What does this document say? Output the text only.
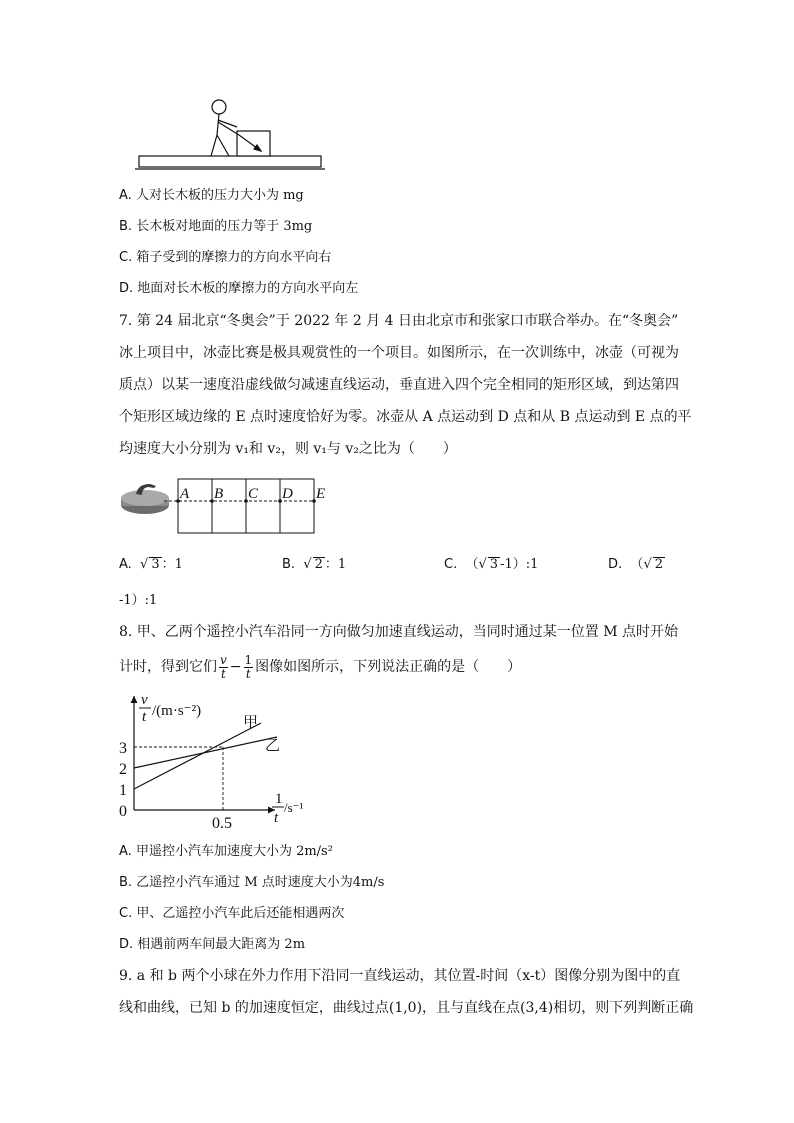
A. 人对长木板的压力大小为 mg
B. 长木板对地面的压力等于 3mg
C. 箱子受到的摩擦力的方向水平向右
D. 地面对长木板的摩擦力的方向水平向左
7. 第 24 届北京“冬奥会”于 2022 年 2 月 4 日由北京市和张家口市联合举办。在“冬奥会”
冰上项目中，冰壶比赛是极具观赏性的一个项目。如图所示，在一次训练中，冰壶（可视为
质点）以某一速度沿虚线做匀减速直线运动，垂直进入四个完全相同的矩形区域，到达第四
个矩形区域边缘的 E 点时速度恰好为零。冰壶从 A 点运动到 D 点和从 B 点运动到 E 点的平
均速度大小分别为 v₁和 v₂，则 v₁与 v₂之比为（　　）
A B C D E
A.  √ 3 ：1	B.  √ 2 ：1	C. （√ 3 -1）:1	D. （√ 2
-1）:1
8. 甲、乙两个遥控小汽车沿同一方向做匀加速直线运动，当同时通过某一位置 M 点时开始
计时，得到它们 $\frac{v}{t} - \frac{1}{t}$ 图像如图所示，下列说法正确的是（　　）
3
2
1
0
0.5
甲
乙
v
t /(m·s⁻²)
1
t
/s⁻¹
A. 甲遥控小汽车加速度大小为 2m/s²
B. 乙遥控小汽车通过 M 点时速度大小为4m/s
C. 甲、乙遥控小汽车此后还能相遇两次
D. 相遇前两车间最大距离为 2m
9. a 和 b 两个小球在外力作用下沿同一直线运动，其位置-时间（x-t）图像分别为图中的直
线和曲线，已知 b 的加速度恒定，曲线过点(1,0)，且与直线在点(3,4)相切，则下列判断正确
